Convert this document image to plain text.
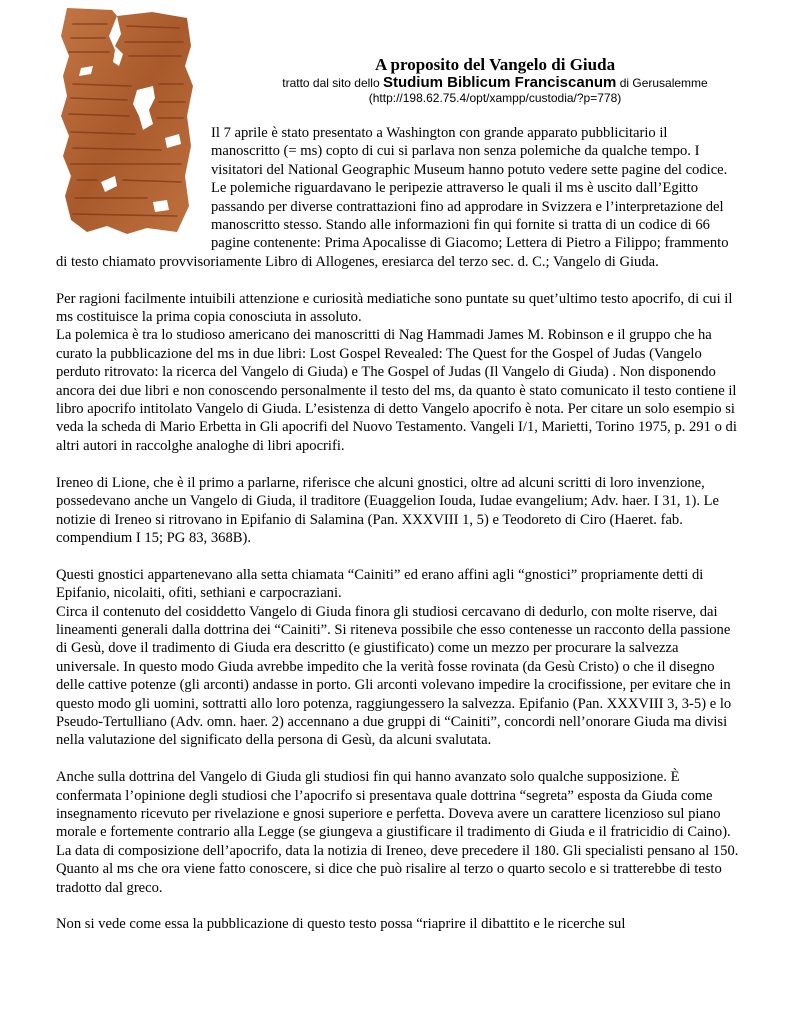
A proposito del Vangelo di Giuda
tratto dal sito dello Studium Biblicum Franciscanum di Gerusalemme
(http://198.62.75.4/opt/xampp/custodia/?p=778)

Il 7 aprile è stato presentato a Washington con grande apparato pubblicitario il manoscritto (= ms) copto di cui si parlava non senza polemiche da qualche tempo. I visitatori del National Geographic Museum hanno potuto vedere sette pagine del codice. Le polemiche riguardavano le peripezie attraverso le quali il ms è uscito dall’Egitto passando per diverse contrattazioni fino ad approdare in Svizzera e l’interpretazione del manoscritto stesso. Stando alle informazioni fin qui fornite si tratta di un codice di 66 pagine contenente: Prima Apocalisse di Giacomo; Lettera di Pietro a Filippo; frammento di testo chiamato provvisoriamente Libro di Allogenes, eresiarca del terzo sec. d. C.; Vangelo di Giuda.

Per ragioni facilmente intuibili attenzione e curiosità mediatiche sono puntate su quet’ultimo testo apocrifo, di cui il ms costituisce la prima copia conosciuta in assoluto.

La polemica è tra lo studioso americano dei manoscritti di Nag Hammadi James M. Robinson e il gruppo che ha curato la pubblicazione del ms in due libri: Lost Gospel Revealed: The Quest for the Gospel of Judas (Vangelo perduto ritrovato: la ricerca del Vangelo di Giuda) e The Gospel of Judas (Il Vangelo di Giuda) . Non disponendo ancora dei due libri e non conoscendo personalmente il testo del ms, da quanto è stato comunicato il testo contiene il libro apocrifo intitolato Vangelo di Giuda. L’esistenza di detto Vangelo apocrifo è nota. Per citare un solo esempio si veda la scheda di Mario Erbetta in Gli apocrifi del Nuovo Testamento. Vangeli I/1, Marietti, Torino 1975, p. 291 o di altri autori in raccolghe analoghe di libri apocrifi.

Ireneo di Lione, che è il primo a parlarne, riferisce che alcuni gnostici, oltre ad alcuni scritti di loro invenzione, possedevano anche un Vangelo di Giuda, il traditore (Euaggelion Iouda, Iudae evangelium; Adv. haer. I 31, 1). Le notizie di Ireneo si ritrovano in Epifanio di Salamina (Pan. XXXVIII 1, 5) e Teodoreto di Ciro (Haeret. fab. compendium I 15; PG 83, 368B).

Questi gnostici appartenevano alla setta chiamata “Cainiti” ed erano affini agli “gnostici” propriamente detti di Epifanio, nicolaiti, ofiti, sethiani e carpocraziani.

Circa il contenuto del cosiddetto Vangelo di Giuda finora gli studiosi cercavano di dedurlo, con molte riserve, dai lineamenti generali dalla dottrina dei “Cainiti”. Si riteneva possibile che esso contenesse un racconto della passione di Gesù, dove il tradimento di Giuda era descritto (e giustificato) come un mezzo per procurare la salvezza universale. In questo modo Giuda avrebbe impedito che la verità fosse rovinata (da Gesù Cristo) o che il disegno delle cattive potenze (gli arconti) andasse in porto. Gli arconti volevano impedire la crocifissione, per evitare che in questo modo gli uomini, sottratti allo loro potenza, raggiungessero la salvezza. Epifanio (Pan. XXXVIII 3, 3-5) e lo Pseudo-Tertulliano (Adv. omn. haer. 2) accennano a due gruppi di “Cainiti”, concordi nell’onorare Giuda ma divisi nella valutazione del significato della persona di Gesù, da alcuni svalutata.

Anche sulla dottrina del Vangelo di Giuda gli studiosi fin qui hanno avanzato solo qualche supposizione. È confermata l’opinione degli studiosi che l’apocrifo si presentava quale dottrina “segreta” esposta da Giuda come insegnamento ricevuto per rivelazione e gnosi superiore e perfetta. Doveva avere un carattere licenzioso sul piano morale e fortemente contrario alla Legge (se giungeva a giustificare il tradimento di Giuda e il fratricidio di Caino). La data di composizione dell’apocrifo, data la notizia di Ireneo, deve precedere il 180. Gli specialisti pensano al 150. Quanto al ms che ora viene fatto conoscere, si dice che può risalire al terzo o quarto secolo e si tratterebbe di testo tradotto dal greco.

Non si vede come essa la pubblicazione di questo testo possa “riaprire il dibattito e le ricerche sul
